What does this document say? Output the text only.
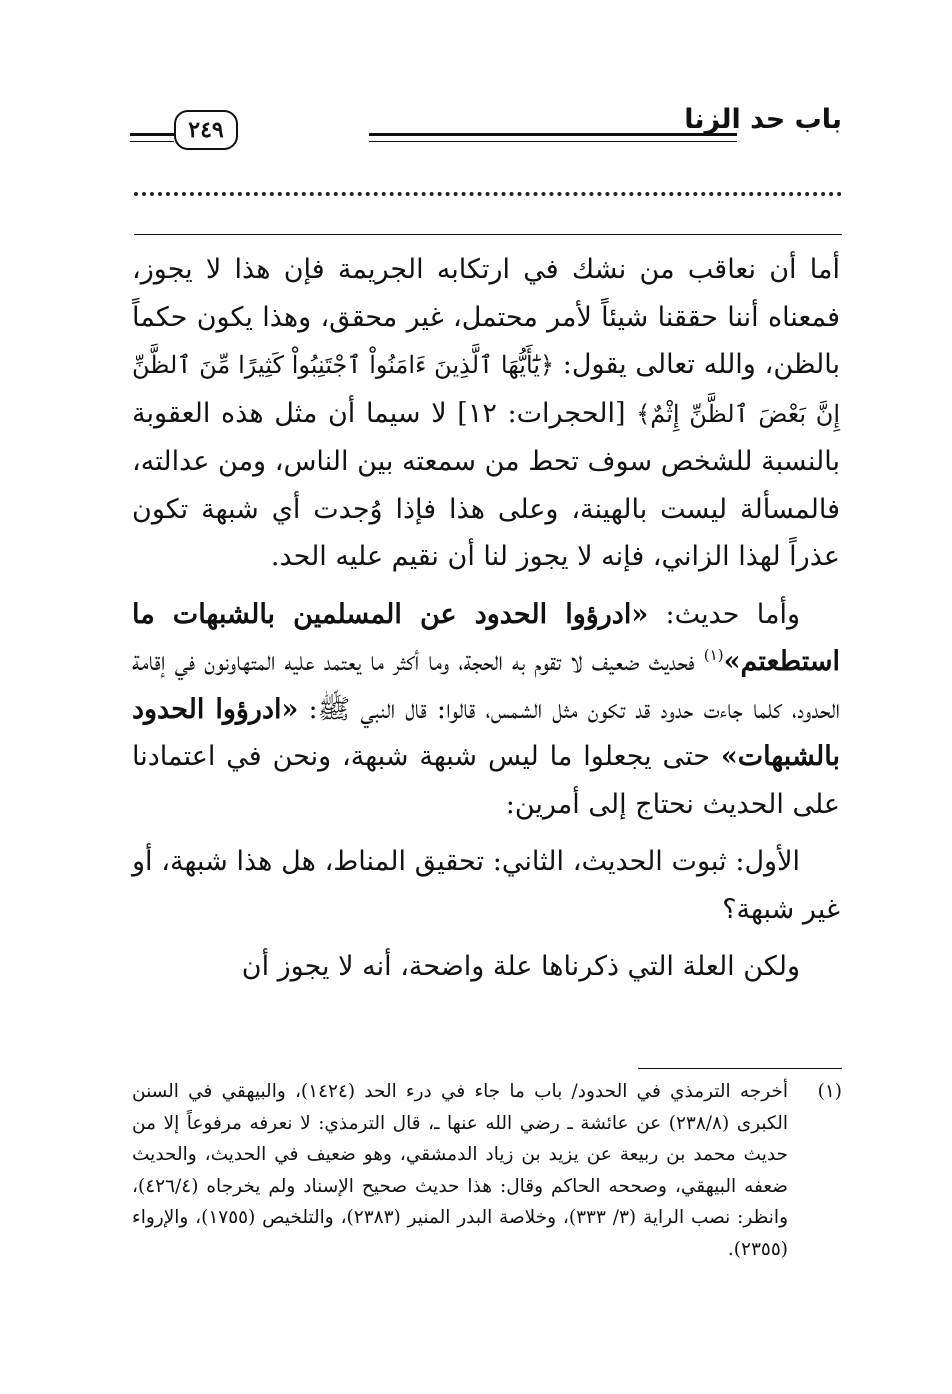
باب حد الزنا
٢٤٩

أما أن نعاقب من نشك في ارتكابه الجريمة فإن هذا لا يجوز، فمعناه أننا حققنا شيئاً لأمر محتمل، غير محقق، وهذا يكون حكماً بالظن، والله تعالى يقول: ﴿يَٰٓأَيُّهَا ٱلَّذِينَ ءَامَنُواْ ٱجْتَنِبُواْ كَثِيرًا مِّنَ ٱلظَّنِّ إِنَّ بَعْضَ ٱلظَّنِّ إِثْمٌ﴾ [الحجرات: ١٢] لا سيما أن مثل هذه العقوبة بالنسبة للشخص سوف تحط من سمعته بين الناس، ومن عدالته، فالمسألة ليست بالهينة، وعلى هذا فإذا وُجدت أي شبهة تكون عذراً لهذا الزاني، فإنه لا يجوز لنا أن نقيم عليه الحد.

وأما حديث: «ادرؤوا الحدود عن المسلمين بالشبهات ما استطعتم»$^{(١)}$ فحديث ضعيف لا تقوم به الحجة، وما أكثر ما يعتمد عليه المتهاونون في إقامة الحدود، كلما جاءت حدود قد تكون مثل الشمس، قالوا: قال النبي ﷺ: «ادرؤوا الحدود بالشبهات» حتى يجعلوا ما ليس شبهة شبهة، ونحن في اعتمادنا على الحديث نحتاج إلى أمرين:

الأول: ثبوت الحديث، الثاني: تحقيق المناط، هل هذا شبهة، أو غير شبهة؟

ولكن العلة التي ذكرناها علة واضحة، أنه لا يجوز أن

(١)
أخرجه الترمذي في الحدود/ باب ما جاء في درء الحد (١٤٢٤)، والبيهقي في السنن الكبرى (٢٣٨/٨) عن عائشة ـ رضي الله عنها ـ، قال الترمذي: لا نعرفه مرفوعاً إلا من حديث محمد بن ربيعة عن يزيد بن زياد الدمشقي، وهو ضعيف في الحديث، والحديث ضعفه البيهقي، وصححه الحاكم وقال: هذا حديث صحيح الإسناد ولم يخرجاه (٤٢٦/٤)، وانظر: نصب الراية (٣/ ٣٣٣)، وخلاصة البدر المنير (٢٣٨٣)، والتلخيص (١٧٥٥)، والإرواء (٢٣٥٥).
